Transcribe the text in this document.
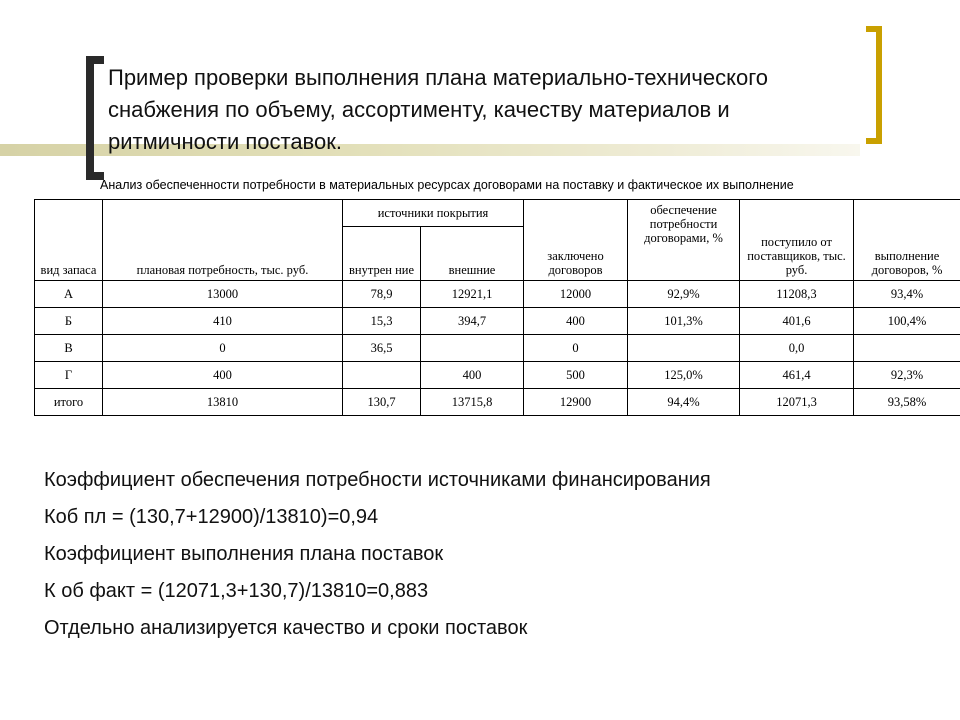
Пример проверки выполнения плана материально-технического снабжения по объему, ассортименту, качеству материалов и ритмичности поставок.
Анализ обеспеченности потребности в материальных ресурсах договорами на поставку и фактическое их выполнение
вид запаса	плановая потребность, тыс. руб.	источники покрытия		заключено договоров	обеспечение потребности договорами, %	поступило от поставщиков, тыс. руб.	выполнение договоров, %
		внутрен ние	внешние				
А	13000	78,9	12921,1	12000	92,9%	11208,3	93,4%
Б	410	15,3	394,7	400	101,3%	401,6	100,4%
В	0	36,5		0		0,0	
Г	400		400	500	125,0%	461,4	92,3%
итого	13810	130,7	13715,8	12900	94,4%	12071,3	93,58%
Коэффициент обеспечения потребности источниками финансирования
Коб пл = (130,7+12900)/13810)=0,94
Коэффициент выполнения плана поставок
К об факт = (12071,3+130,7)/13810=0,883
Отдельно анализируется качество и сроки поставок
